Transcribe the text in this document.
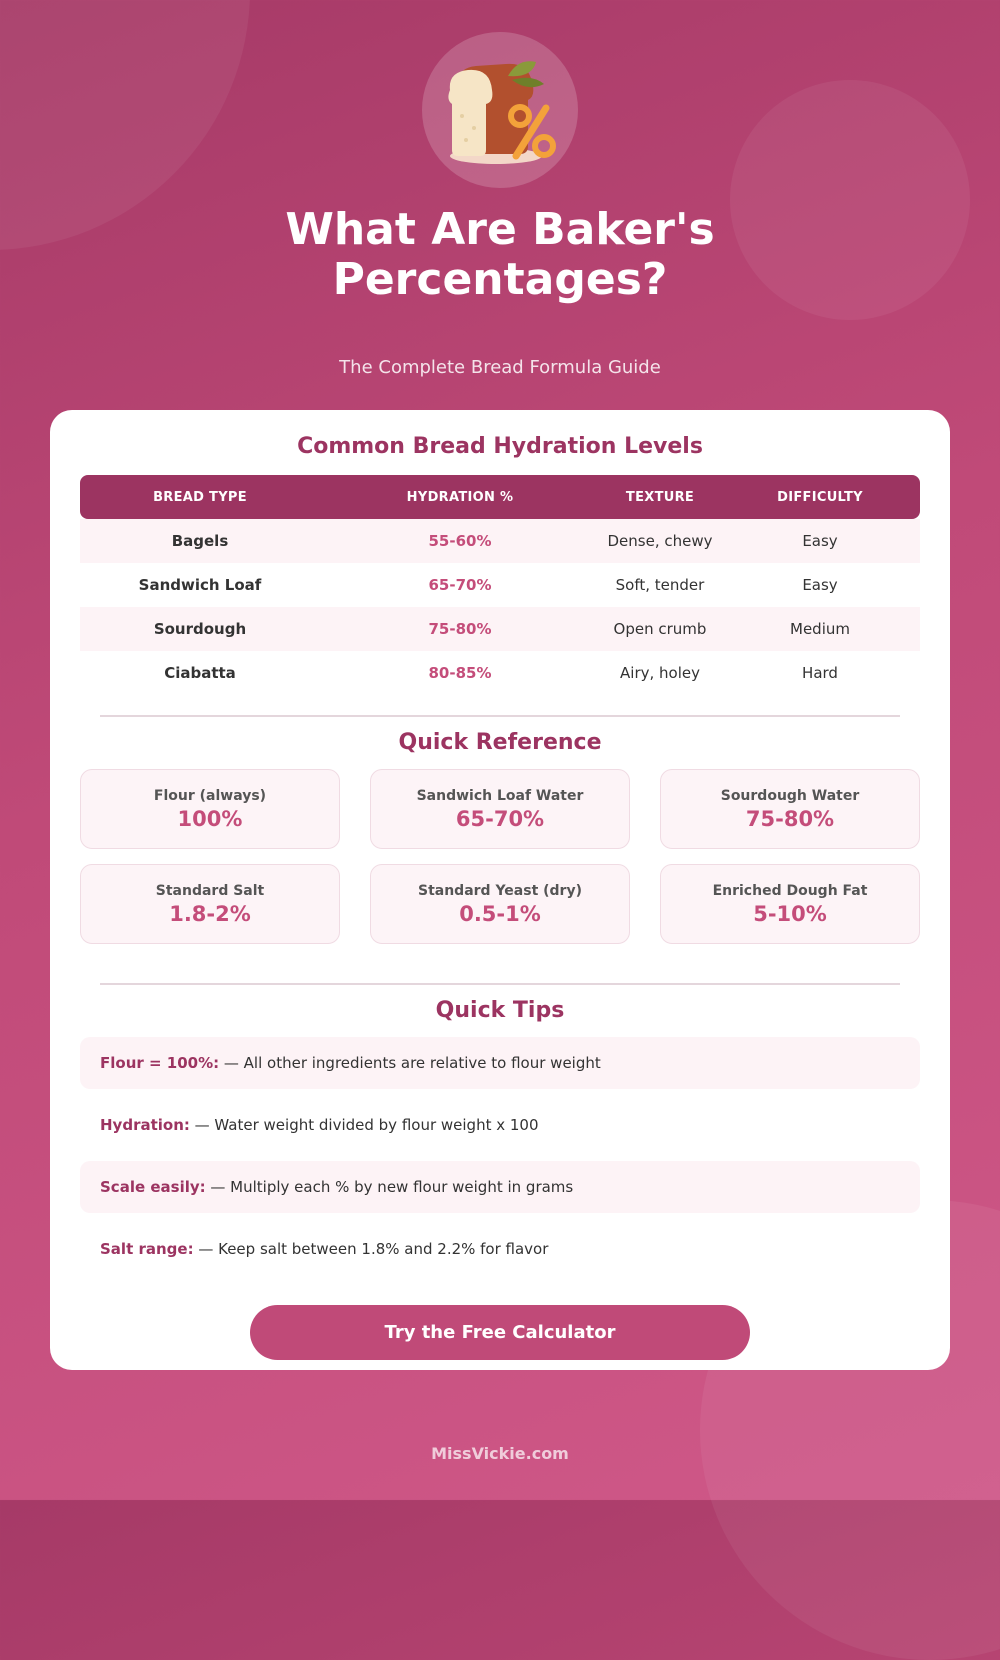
What Are Baker's
Percentages?
The Complete Bread Formula Guide
Common Bread Hydration Levels
BREAD TYPE	HYDRATION %	TEXTURE	DIFFICULTY
Bagels	55-60%	Dense, chewy	Easy
Sandwich Loaf	65-70%	Soft, tender	Easy
Sourdough	75-80%	Open crumb	Medium
Ciabatta	80-85%	Airy, holey	Hard
Quick Reference
Flour (always)
100%
Sandwich Loaf Water
65-70%
Sourdough Water
75-80%
Standard Salt
1.8-2%
Standard Yeast (dry)
0.5-1%
Enriched Dough Fat
5-10%
Quick Tips
Flour = 100%: — All other ingredients are relative to flour weight
Hydration: — Water weight divided by flour weight x 100
Scale easily: — Multiply each % by new flour weight in grams
Salt range: — Keep salt between 1.8% and 2.2% for flavor
Try the Free Calculator
MissVickie.com
